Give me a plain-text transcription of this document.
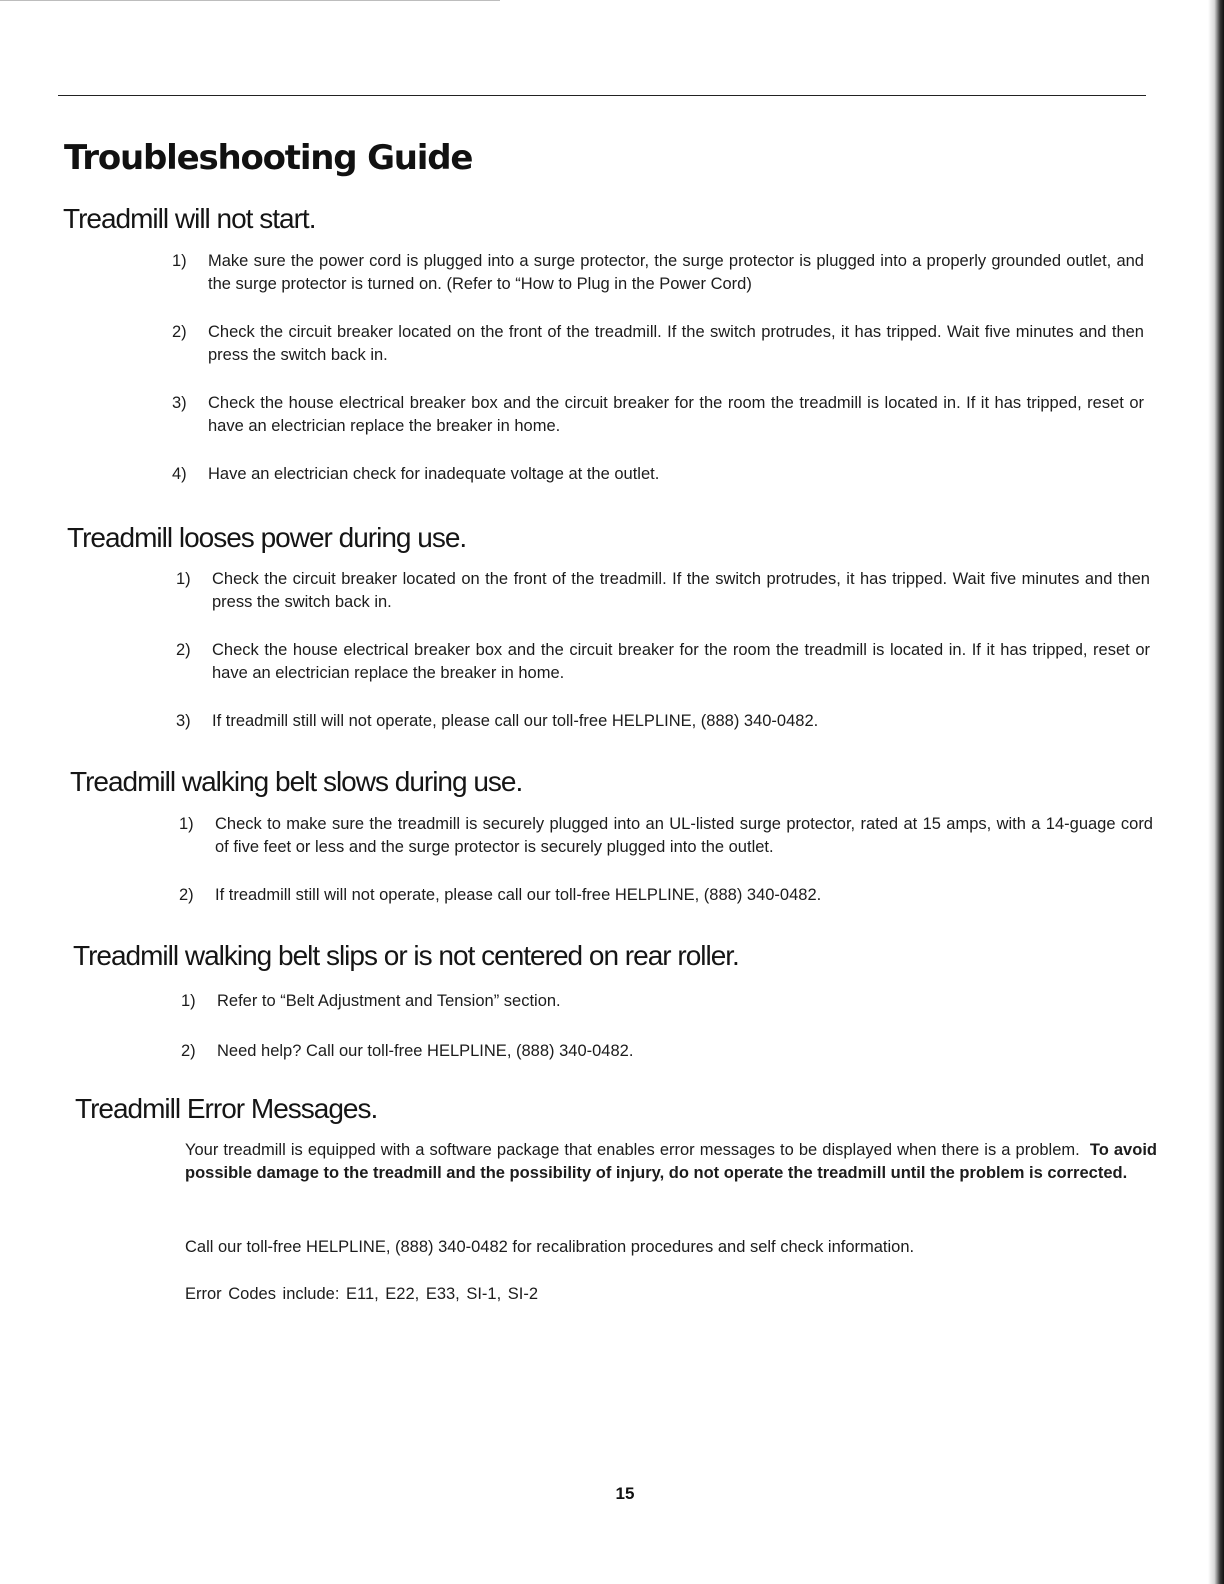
Troubleshooting Guide
Treadmill will not start.
1)	Make sure the power cord is plugged into a surge protector, the surge protector is plugged into a properly grounded outlet, and the surge protector is turned on. (Refer to “How to Plug in the Power Cord)
2)	Check the circuit breaker located on the front of the treadmill. If the switch protrudes, it has tripped. Wait five minutes and then press the switch back in.
3)	Check the house electrical breaker box and the circuit breaker for the room the treadmill is located in. If it has tripped, reset or have an electrician replace the breaker in home.
4)	Have an electrician check for inadequate voltage at the outlet.
Treadmill looses power during use.
1)	Check the circuit breaker located on the front of the treadmill. If the switch protrudes, it has tripped. Wait five minutes and then press the switch back in.
2)	Check the house electrical breaker box and the circuit breaker for the room the treadmill is located in. If it has tripped, reset or have an electrician replace the breaker in home.
3)	If treadmill still will not operate, please call our toll-free HELPLINE, (888) 340-0482.
Treadmill walking belt slows during use.
1)	Check to make sure the treadmill is securely plugged into an UL-listed surge protector, rated at 15 amps, with a 14-guage cord of five feet or less and the surge protector is securely plugged into the outlet.
2)	If treadmill still will not operate, please call our toll-free HELPLINE, (888) 340-0482.
Treadmill walking belt slips or is not centered on rear roller.
1)	Refer to “Belt Adjustment and Tension” section.
2)	Need help? Call our toll-free HELPLINE, (888) 340-0482.
Treadmill Error Messages.

Your treadmill is equipped with a software package that enables error messages to be displayed when there is a problem. To avoid possible damage to the treadmill and the possibility of injury, do not operate the treadmill until the problem is corrected.

Call our toll-free HELPLINE, (888) 340-0482 for recalibration procedures and self check information.

Error Codes include: E11, E22, E33, SI-1, SI-2

15
